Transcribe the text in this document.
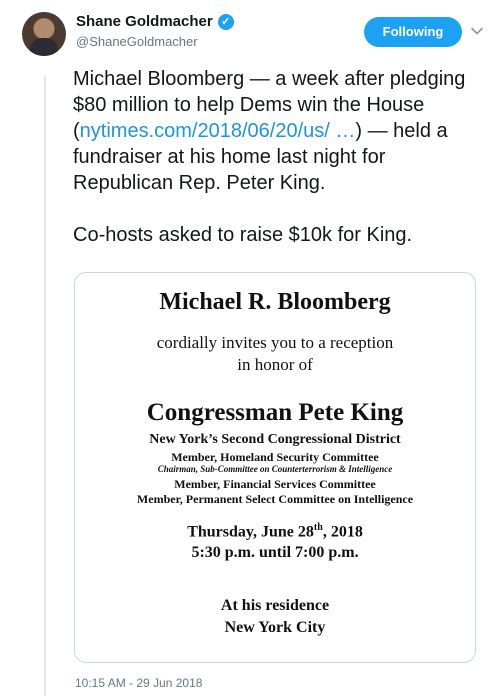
Shane Goldmacher ✓
@ShaneGoldmacher
Following

Michael Bloomberg — a week after pledging $80 million to help Dems win the House (nytimes.com/2018/06/20/us/ …) — held a fundraiser at his home last night for Republican Rep. Peter King.

Co-hosts asked to raise $10k for King.

Michael R. Bloomberg
cordially invites you to a reception
in honor of
Congressman Pete King
New York’s Second Congressional District
Member, Homeland Security Committee
Chairman, Sub-Committee on Counterterrorism & Intelligence
Member, Financial Services Committee
Member, Permanent Select Committee on Intelligence
Thursday, June 28th, 2018
5:30 p.m. until 7:00 p.m.
At his residence
New York City
10:15 AM - 29 Jun 2018
